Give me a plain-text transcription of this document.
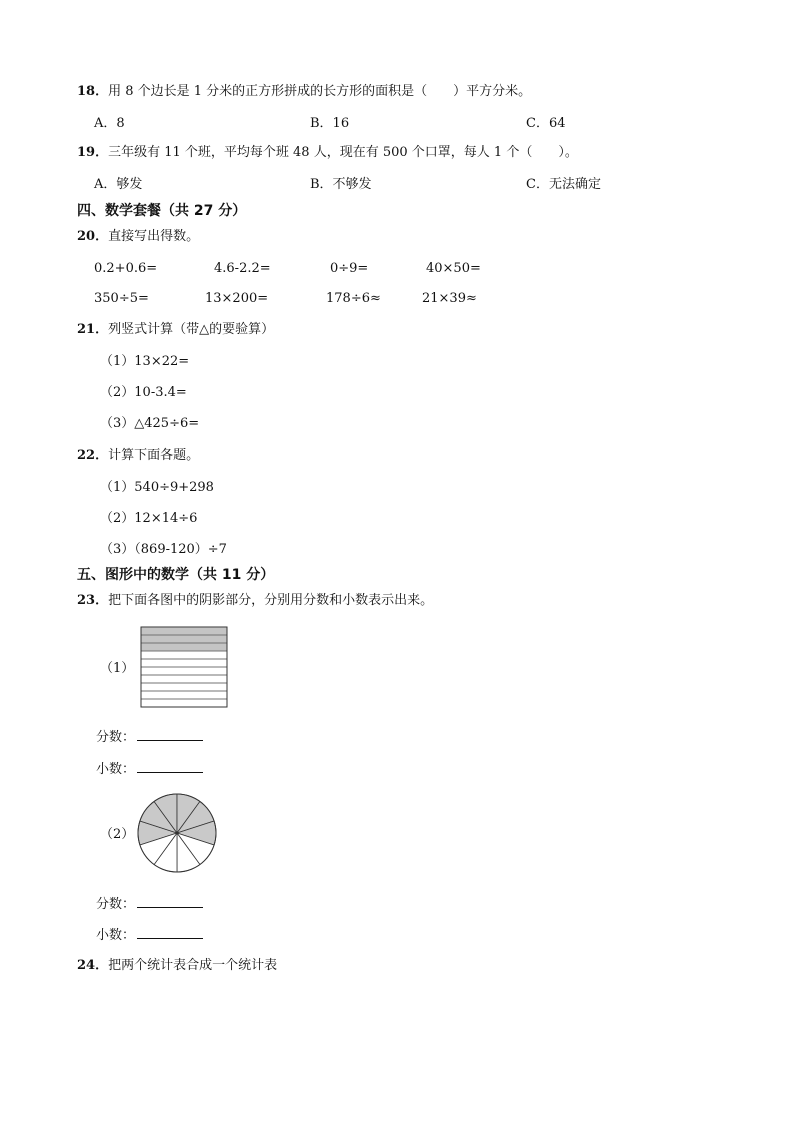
18．用 8 个边长是 1 分米的正方形拼成的长方形的面积是（　　）平方分米。
A．8	B．16	C．64
19．三年级有 11 个班，平均每个班 48 人，现在有 500 个口罩，每人 1 个（　　）。
A．够发	B．不够发	C．无法确定
四、数学套餐（共 27 分）
20．直接写出得数。
0.2+0.6=	4.6-2.2=	0÷9=	40×50=
350÷5=	13×200=	178÷6≈	21×39≈
21．列竖式计算（带△的要验算）
（1）13×22=
（2）10-3.4=
（3）△425÷6=
22．计算下面各题。
（1）540÷9+298
（2）12×14÷6
（3）（869-120）÷7
五、图形中的数学（共 11 分）
23．把下面各图中的阴影部分，分别用分数和小数表示出来。
（1）
分数：
小数：
（2）
分数：
小数：
24．把两个统计表合成一个统计表
